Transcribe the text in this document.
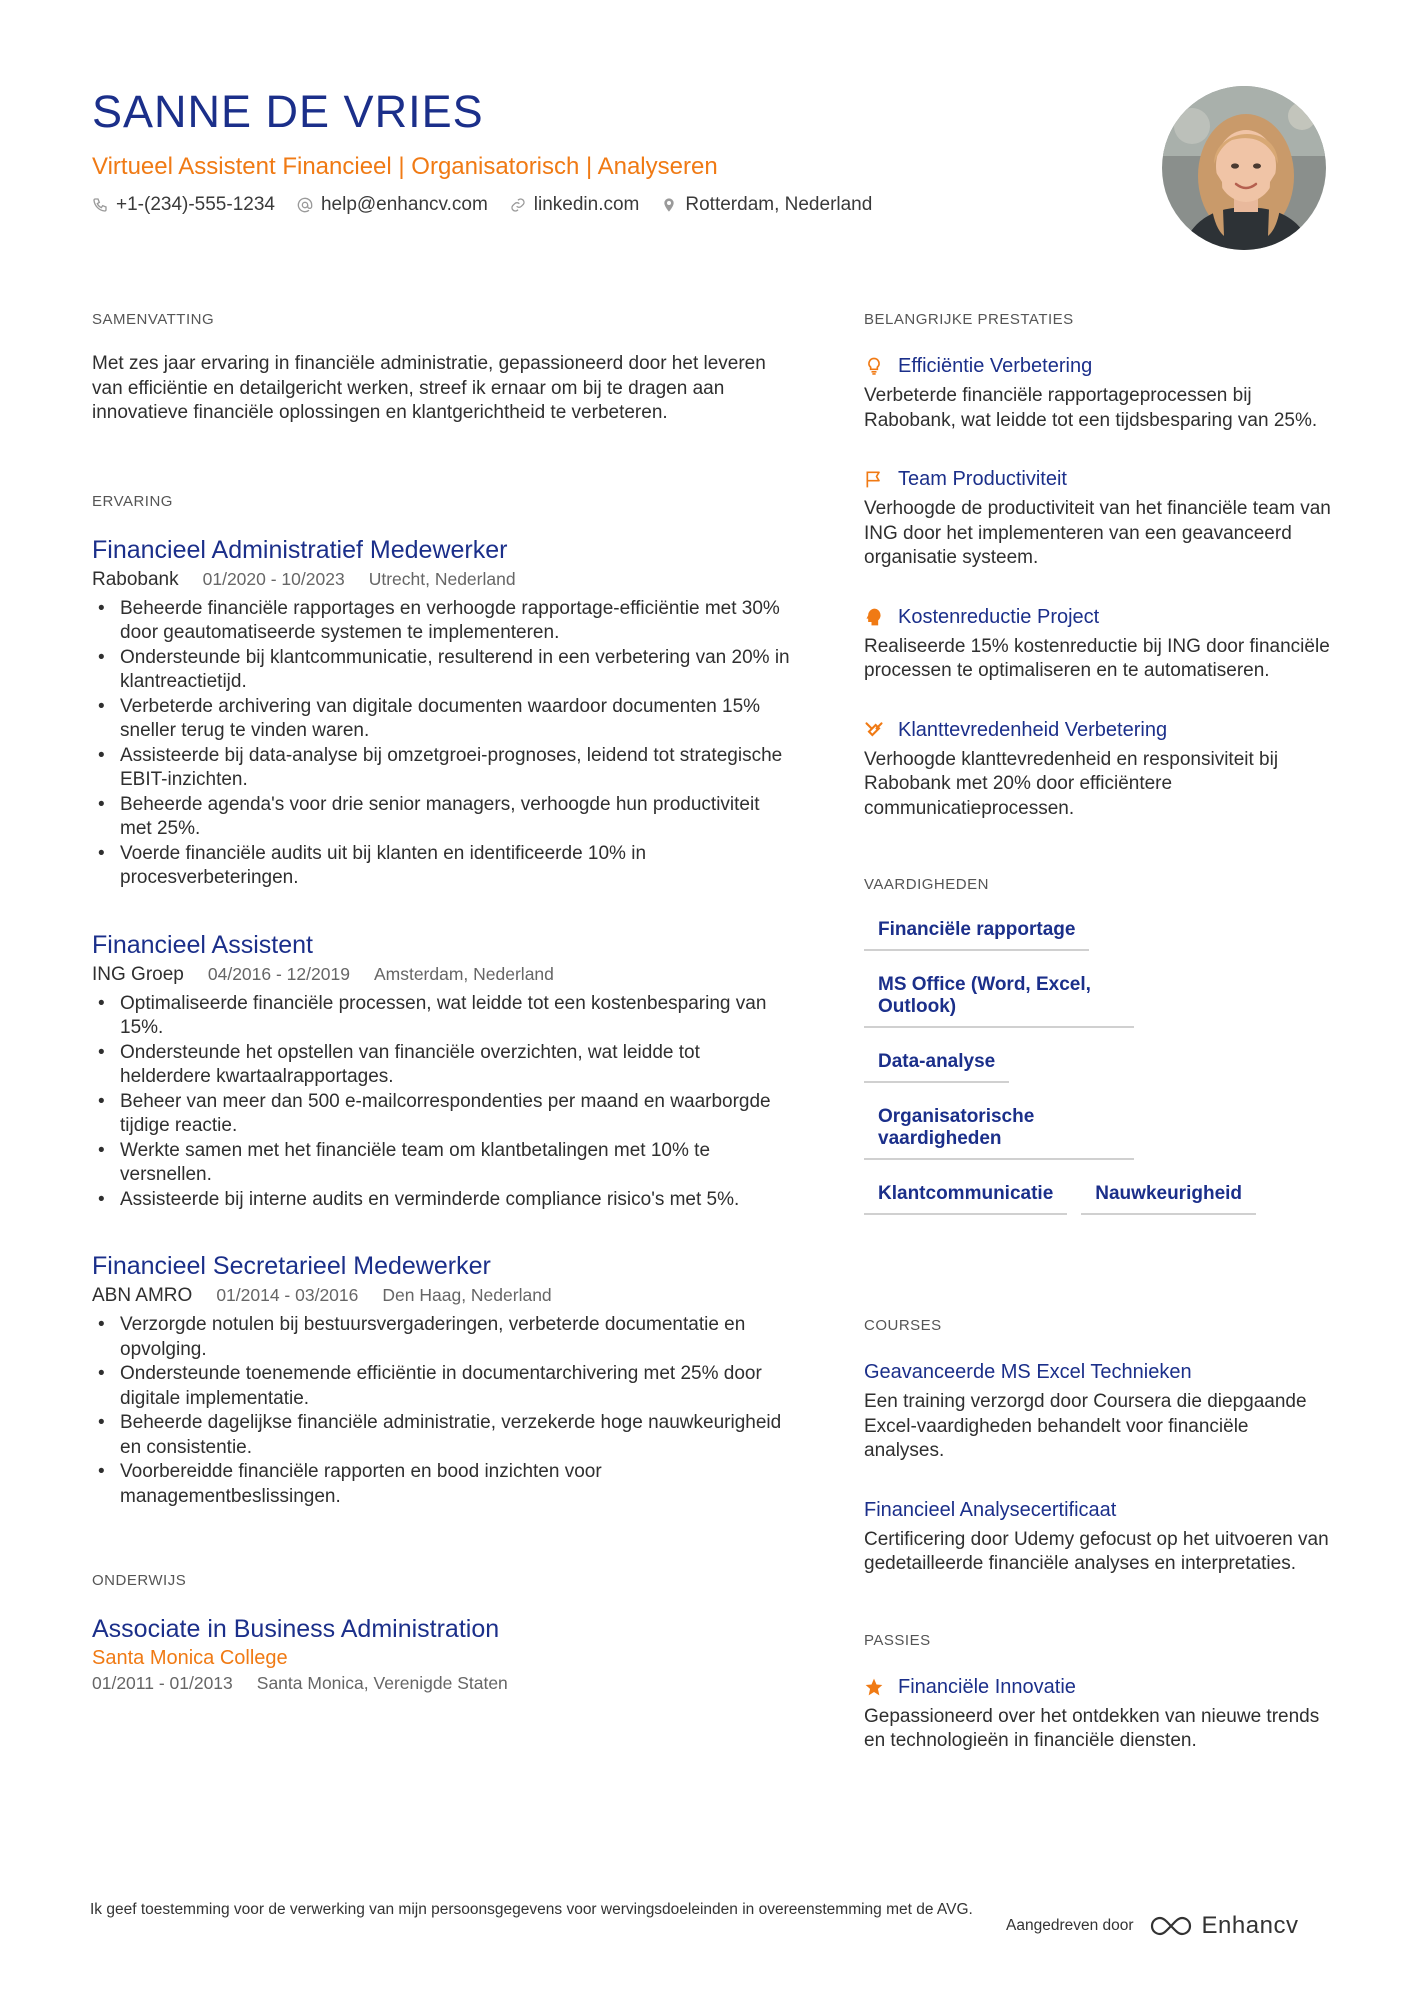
SANNE DE VRIES
Virtueel Assistent Financieel | Organisatorisch | Analyseren
+1-(234)-555-1234 help@enhancv.com linkedin.com Rotterdam, Nederland
SAMENVATTING
Met zes jaar ervaring in financiële administratie, gepassioneerd door het leveren van efficiëntie en detailgericht werken, streef ik ernaar om bij te dragen aan innovatieve financiële oplossingen en klantgerichtheid te verbeteren.
ERVARING
Financieel Administratief Medewerker
Rabobank 01/2020 - 10/2023 Utrecht, Nederland
• Beheerde financiële rapportages en verhoogde rapportage-efficiëntie met 30% door geautomatiseerde systemen te implementeren.
• Ondersteunde bij klantcommunicatie, resulterend in een verbetering van 20% in klantreactietijd.
• Verbeterde archivering van digitale documenten waardoor documenten 15% sneller terug te vinden waren.
• Assisteerde bij data-analyse bij omzetgroei-prognoses, leidend tot strategische EBIT-inzichten.
• Beheerde agenda's voor drie senior managers, verhoogde hun productiviteit met 25%.
• Voerde financiële audits uit bij klanten en identificeerde 10% in procesverbeteringen.
Financieel Assistent
ING Groep 04/2016 - 12/2019 Amsterdam, Nederland
• Optimaliseerde financiële processen, wat leidde tot een kostenbesparing van 15%.
• Ondersteunde het opstellen van financiële overzichten, wat leidde tot helderdere kwartaalrapportages.
• Beheer van meer dan 500 e-mailcorrespondenties per maand en waarborgde tijdige reactie.
• Werkte samen met het financiële team om klantbetalingen met 10% te versnellen.
• Assisteerde bij interne audits en verminderde compliance risico's met 5%.
Financieel Secretarieel Medewerker
ABN AMRO 01/2014 - 03/2016 Den Haag, Nederland
• Verzorgde notulen bij bestuursvergaderingen, verbeterde documentatie en opvolging.
• Ondersteunde toenemende efficiëntie in documentarchivering met 25% door digitale implementatie.
• Beheerde dagelijkse financiële administratie, verzekerde hoge nauwkeurigheid en consistentie.
• Voorbereidde financiële rapporten en bood inzichten voor managementbeslissingen.
ONDERWIJS
Associate in Business Administration
Santa Monica College
01/2011 - 01/2013 Santa Monica, Verenigde Staten
BELANGRIJKE PRESTATIES
Efficiëntie Verbetering
Verbeterde financiële rapportageprocessen bij Rabobank, wat leidde tot een tijdsbesparing van 25%.
Team Productiviteit
Verhoogde de productiviteit van het financiële team van ING door het implementeren van een geavanceerd organisatie systeem.
Kostenreductie Project
Realiseerde 15% kostenreductie bij ING door financiële processen te optimaliseren en te automatiseren.
Klanttevredenheid Verbetering
Verhoogde klanttevredenheid en responsiviteit bij Rabobank met 20% door efficiëntere communicatieprocessen.
VAARDIGHEDEN
Financiële rapportage
MS Office (Word, Excel, Outlook)
Data-analyse
Organisatorische vaardigheden
Klantcommunicatie	Nauwkeurigheid
COURSES
Geavanceerde MS Excel Technieken
Een training verzorgd door Coursera die diepgaande Excel-vaardigheden behandelt voor financiële analyses.
Financieel Analysecertificaat
Certificering door Udemy gefocust op het uitvoeren van gedetailleerde financiële analyses en interpretaties.
PASSIES
Financiële Innovatie
Gepassioneerd over het ontdekken van nieuwe trends en technologieën in financiële diensten.
Ik geef toestemming voor de verwerking van mijn persoonsgegevens voor wervingsdoeleinden in overeenstemming met de AVG.
Aangedreven door	Enhancv
